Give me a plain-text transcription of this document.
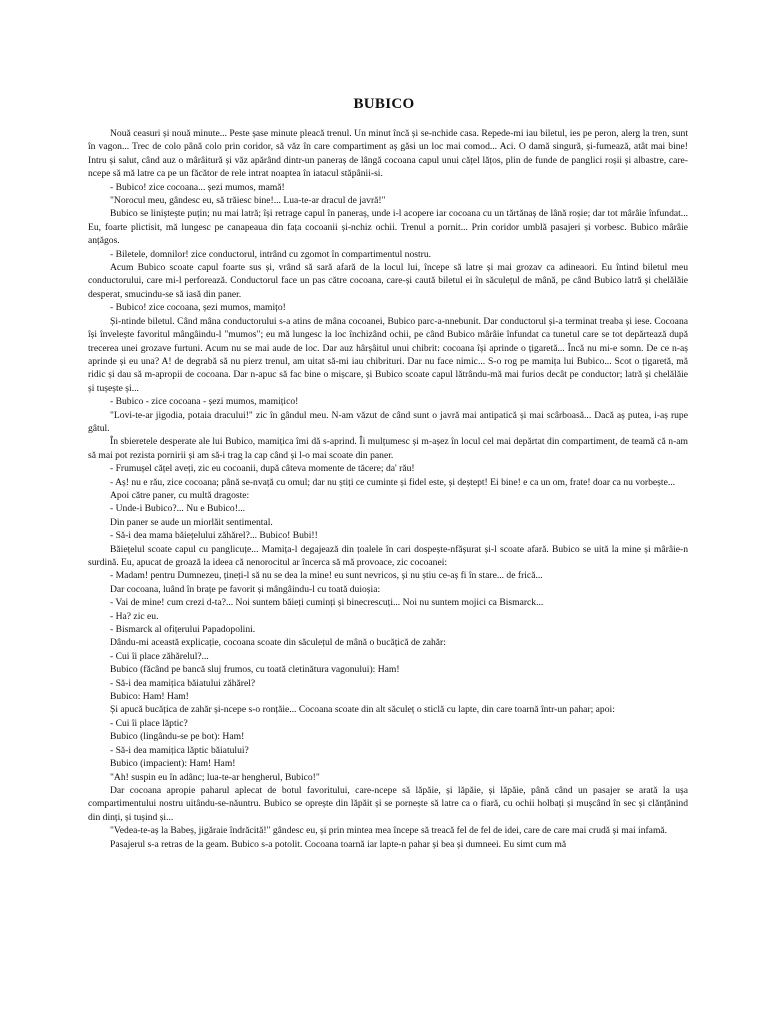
BUBICO

Nouă ceasuri și nouă minute... Peste șase minute pleacă trenul. Un minut încă și se-nchide casa. Repede-mi iau biletul, ies pe peron, alerg la tren, sunt în vagon... Trec de colo până colo prin coridor, să văz în care compartiment aș găsi un loc mai comod... Aci. O damă singură, și-fumează, atât mai bine! Intru și salut, când auz o mârâitură și văz apărând dintr-un paneraș de lângă cocoana capul unui cățel lățos, plin de funde de panglici roșii și albastre, care-ncepe să mă latre ca pe un făcător de rele intrat noaptea în iatacul stăpânii-si.

- Bubico! zice cocoana... șezi mumos, mamă!

"Norocul meu, gândesc eu, să trăiesc bine!... Lua-te-ar dracul de javră!"

Bubico se liniștește puțin; nu mai latră; își retrage capul în paneraș, unde i-l acopere iar cocoana cu un tărtănaș de lână roșie; dar tot mârâie înfundat... Eu, foarte plictisit, mă lungesc pe canapeaua din fața cocoanii și-nchiz ochii. Trenul a pornit... Prin coridor umblă pasajeri și vorbesc. Bubico mârâie anțăgos.

- Biletele, domnilor! zice conductorul, intrând cu zgomot în compartimentul nostru.

Acum Bubico scoate capul foarte sus și, vrând să sară afară de la locul lui, începe să latre și mai grozav ca adineaori. Eu întind biletul meu conductorului, care mi-l perforează. Conductorul face un pas către cocoana, care-și caută biletul ei în săculețul de mână, pe când Bubico latră și chelălăie desperat, smucindu-se să iasă din paner.

- Bubico! zice cocoana, șezi mumos, mamițo!

Și-ntinde biletul. Când mâna conductorului s-a atins de mâna cocoanei, Bubico parc-a-nnebunit. Dar conductorul și-a terminat treaba și iese. Cocoana își învelește favoritul mângâindu-l "mumos"; eu mă lungesc la loc închizând ochii, pe când Bubico mârâie înfundat ca tunetul care se tot depărtează după trecerea unei grozave furtuni. Acum nu se mai aude de loc. Dar auz hârșâitul unui chibrit: cocoana își aprinde o țigaretă... Încă nu mi-e somn. De ce n-aș aprinde și eu una? A! de degrabă să nu pierz trenul, am uitat să-mi iau chibrituri. Dar nu face nimic... S-o rog pe mamița lui Bubico... Scot o țigaretă, mă ridic și dau să m-apropii de cocoana. Dar n-apuc să fac bine o mișcare, și Bubico scoate capul lătrându-mă mai furios decât pe conductor; latră și chelălăie și tușește și...

- Bubico - zice cocoana - șezi mumos, mamițico!

"Lovi-te-ar jigodia, potaia dracului!" zic în gândul meu. N-am văzut de când sunt o javră mai antipatică și mai scârboasă... Dacă aș putea, i-aș rupe gâtul.

În sbieretele desperate ale lui Bubico, mamițica îmi dă s-aprind. Îi mulțumesc și m-așez în locul cel mai depărtat din compartiment, de teamă că n-am să mai pot rezista pornirii și am să-i trag la cap când și l-o mai scoate din paner.

- Frumușel cățel aveți, zic eu cocoanii, după câteva momente de tăcere; da' rău!

- Aș! nu e rău, zice cocoana; până se-nvață cu omul; dar nu știți ce cuminte și fidel este, și deștept! Ei bine! e ca un om, frate! doar ca nu vorbește...

Apoi către paner, cu multă dragoste:

- Unde-i Bubico?... Nu e Bubico!...

Din paner se aude un miorlăit sentimental.

- Să-i dea mama băiețelului zăhărel?... Bubico! Bubi!!

Băiețelul scoate capul cu panglicuțe... Mamița-l degajează din țoalele în cari dospește-nfășurat și-l scoate afară. Bubico se uită la mine și mârâie-n surdină. Eu, apucat de groază la ideea că nenorocitul ar încerca să mă provoace, zic cocoanei:

- Madam! pentru Dumnezeu, țineți-l să nu se dea la mine! eu sunt nevricos, și nu știu ce-aș fi în stare... de frică...

Dar cocoana, luând în brațe pe favorit și mângâindu-l cu toată duioșia:

- Vai de mine! cum crezi d-ta?... Noi suntem băieți cuminți și binecrescuți... Noi nu suntem mojici ca Bismarck...

- Ha? zic eu.

- Bismarck al ofițerului Papadopolini.

Dându-mi această explicație, cocoana scoate din săculețul de mână o bucățică de zahăr:

- Cui îi place zăhărelul?...

Bubico (făcând pe bancă sluj frumos, cu toată cletinătura vagonului): Ham!

- Să-i dea mamițica băiatului zăhărel?

Bubico: Ham! Ham!

Și apucă bucățica de zahăr și-ncepe s-o ronțăie... Cocoana scoate din alt săculeț o sticlă cu lapte, din care toarnă într-un pahar; apoi:

- Cui îi place lăptic?

Bubico (lingându-se pe bot): Ham!

- Să-i dea mamițica lăptic băiatului?

Bubico (impacient): Ham! Ham!

"Ah! suspin eu în adânc; lua-te-ar hengherul, Bubico!"

Dar cocoana apropie paharul aplecat de botul favoritului, care-ncepe să lăpăie, și lăpăie, și lăpăie, până când un pasajer se arată la ușa compartimentului nostru uitându-se-năuntru. Bubico se oprește din lăpăit și se pornește să latre ca o fiară, cu ochii holbați și mușcând în sec și clănțănind din dinți, și tușind și...

"Vedea-te-aș la Babeș, jigăraie îndrăcită!" gândesc eu, și prin mintea mea începe să treacă fel de fel de idei, care de care mai crudă și mai infamă.

Pasajerul s-a retras de la geam. Bubico s-a potolit. Cocoana toarnă iar lapte-n pahar și bea și dumneei. Eu simt cum mă
